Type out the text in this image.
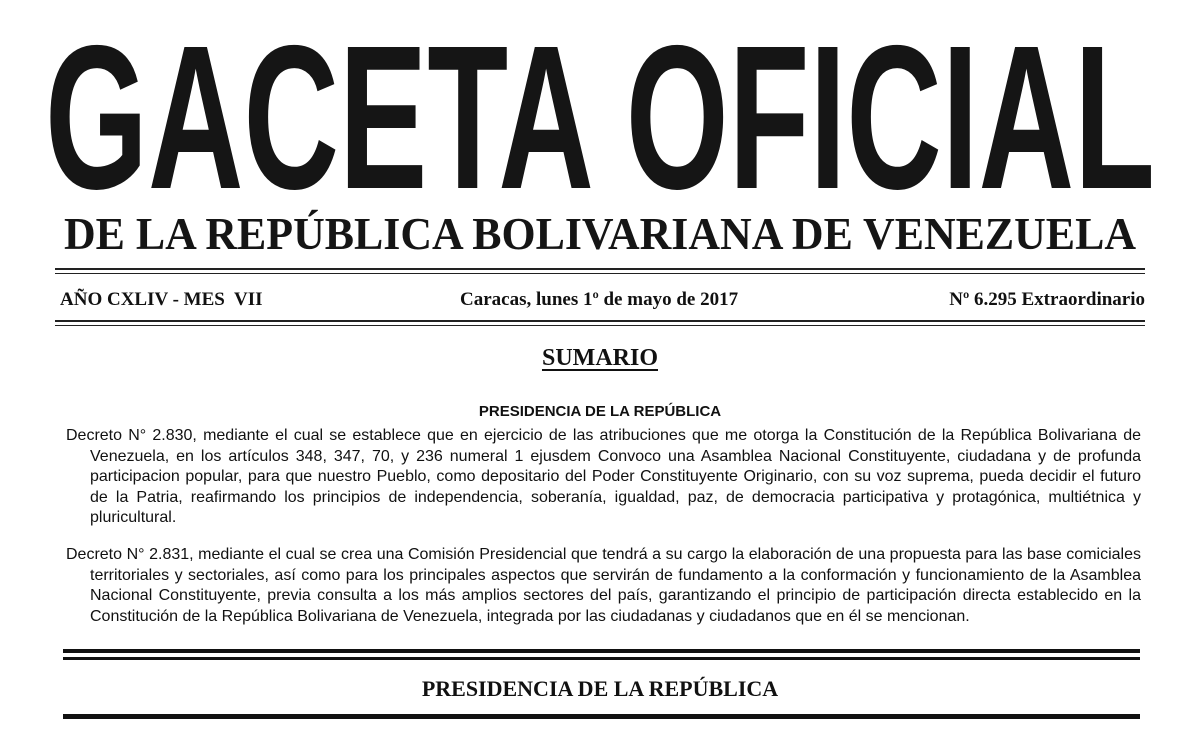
GACETA OFICIAL
DE LA REPÚBLICA BOLIVARIANA DE VENEZUELA
AÑO CXLIV - MES  VII	Caracas, lunes 1º de mayo de 2017	Nº 6.295 Extraordinario
SUMARIO
PRESIDENCIA DE LA REPÚBLICA
Decreto N° 2.830, mediante el cual se establece que en ejercicio de las atribuciones que me otorga la Constitución de la República Bolivariana de Venezuela, en los artículos 348, 347, 70, y 236 numeral 1 ejusdem Convoco una Asamblea Nacional Constituyente, ciudadana y de profunda participacion popular, para que nuestro Pueblo, como depositario del Poder Constituyente Originario, con su voz suprema, pueda decidir el futuro de la Patria, reafirmando los principios de independencia, soberanía, igualdad, paz, de democracia participativa y protagónica, multiétnica y pluricultural.
Decreto N° 2.831, mediante el cual se crea una Comisión Presidencial que tendrá a su cargo la elaboración de una propuesta para las base comiciales territoriales y sectoriales, así como para los principales aspectos que servirán de fundamento a la conformación y funcionamiento de la Asamblea Nacional Constituyente, previa consulta a los más amplios sectores del país, garantizando el principio de participación directa establecido en la Constitución de la República Bolivariana de Venezuela, integrada por las ciudadanas y ciudadanos que en él se mencionan.
PRESIDENCIA DE LA REPÚBLICA
